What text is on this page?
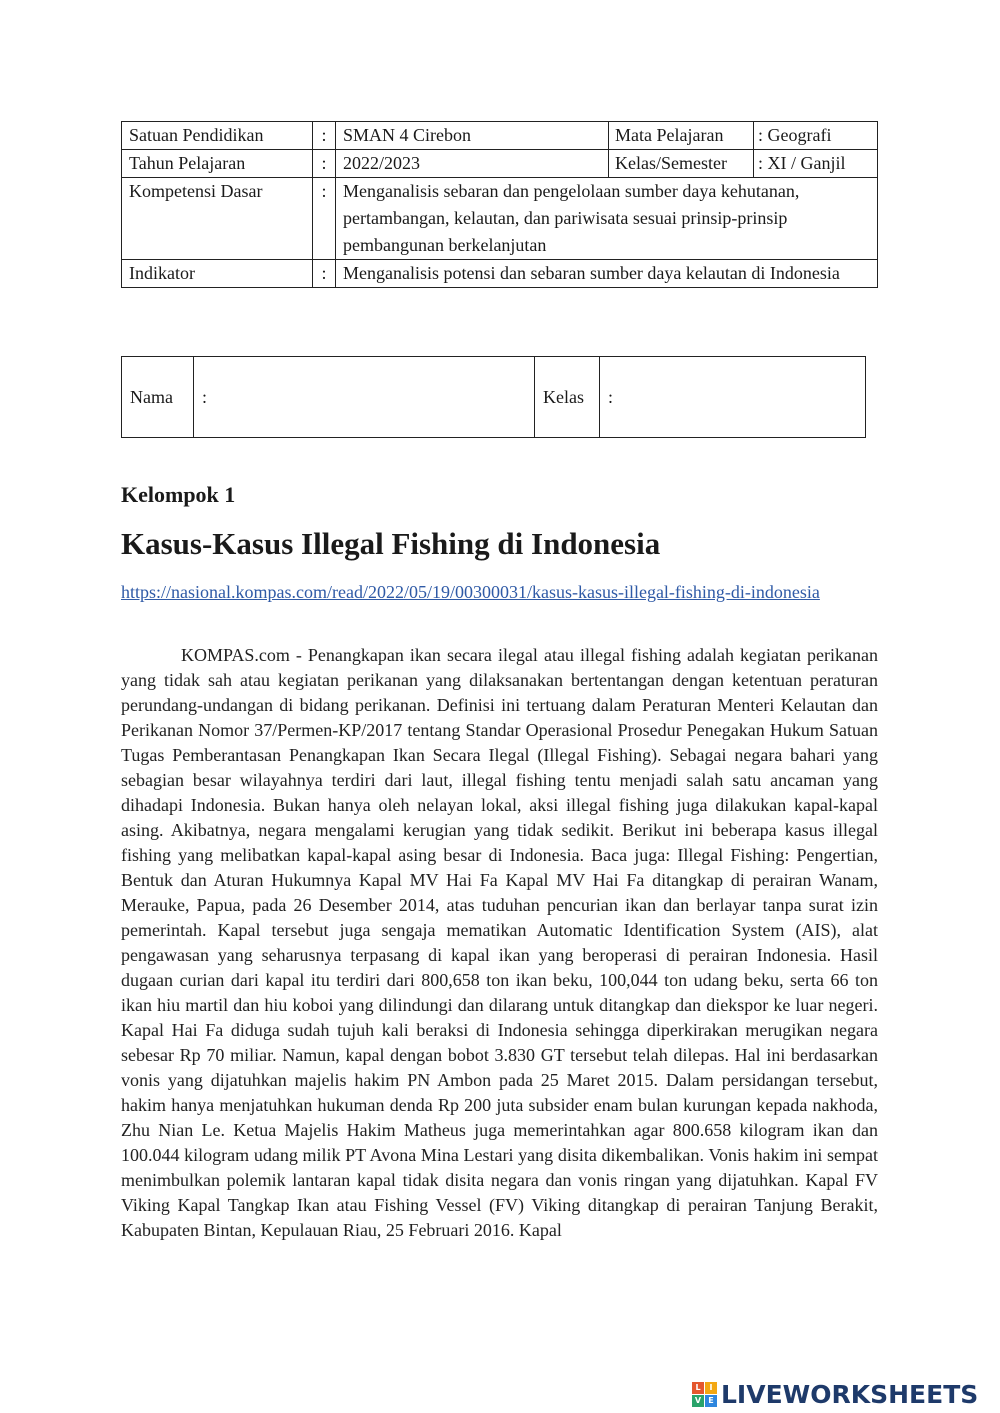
Satuan Pendidikan	:	SMAN 4 Cirebon	Mata Pelajaran	: Geografi
Tahun Pelajaran	:	2022/2023	Kelas/Semester	: XI / Ganjil
Kompetensi Dasar	:	Menganalisis sebaran dan pengelolaan sumber daya kehutanan, pertambangan, kelautan, dan pariwisata sesuai prinsip-prinsip pembangunan berkelanjutan		
Indikator	:	Menganalisis potensi dan sebaran sumber daya kelautan di Indonesia		
Nama	:	Kelas	:
Kelompok 1
Kasus-Kasus Illegal Fishing di Indonesia
https://nasional.kompas.com/read/2022/05/19/00300031/kasus-kasus-illegal-fishing-di-indonesia

KOMPAS.com - Penangkapan ikan secara ilegal atau illegal fishing adalah kegiatan perikanan yang tidak sah atau kegiatan perikanan yang dilaksanakan bertentangan dengan ketentuan peraturan perundang-undangan di bidang perikanan. Definisi ini tertuang dalam Peraturan Menteri Kelautan dan Perikanan Nomor 37/Permen-KP/2017 tentang Standar Operasional Prosedur Penegakan Hukum Satuan Tugas Pemberantasan Penangkapan Ikan Secara Ilegal (Illegal Fishing). Sebagai negara bahari yang sebagian besar wilayahnya terdiri dari laut, illegal fishing tentu menjadi salah satu ancaman yang dihadapi Indonesia. Bukan hanya oleh nelayan lokal, aksi illegal fishing juga dilakukan kapal-kapal asing. Akibatnya, negara mengalami kerugian yang tidak sedikit. Berikut ini beberapa kasus illegal fishing yang melibatkan kapal-kapal asing besar di Indonesia. Baca juga: Illegal Fishing: Pengertian, Bentuk dan Aturan Hukumnya Kapal MV Hai Fa Kapal MV Hai Fa ditangkap di perairan Wanam, Merauke, Papua, pada 26 Desember 2014, atas tuduhan pencurian ikan dan berlayar tanpa surat izin pemerintah. Kapal tersebut juga sengaja mematikan Automatic Identification System (AIS), alat pengawasan yang seharusnya terpasang di kapal ikan yang beroperasi di perairan Indonesia. Hasil dugaan curian dari kapal itu terdiri dari 800,658 ton ikan beku, 100,044 ton udang beku, serta 66 ton ikan hiu martil dan hiu koboi yang dilindungi dan dilarang untuk ditangkap dan diekspor ke luar negeri. Kapal Hai Fa diduga sudah tujuh kali beraksi di Indonesia sehingga diperkirakan merugikan negara sebesar Rp 70 miliar. Namun, kapal dengan bobot 3.830 GT tersebut telah dilepas. Hal ini berdasarkan vonis yang dijatuhkan majelis hakim PN Ambon pada 25 Maret 2015. Dalam persidangan tersebut, hakim hanya menjatuhkan hukuman denda Rp 200 juta subsider enam bulan kurungan kepada nakhoda, Zhu Nian Le. Ketua Majelis Hakim Matheus juga memerintahkan agar 800.658 kilogram ikan dan 100.044 kilogram udang milik PT Avona Mina Lestari yang disita dikembalikan. Vonis hakim ini sempat menimbulkan polemik lantaran kapal tidak disita negara dan vonis ringan yang dijatuhkan. Kapal FV Viking Kapal Tangkap Ikan atau Fishing Vessel (FV) Viking ditangkap di perairan Tanjung Berakit, Kabupaten Bintan, Kepulauan Riau, 25 Februari 2016. Kapal

L	I
V E LIVEWORKSHEETS
